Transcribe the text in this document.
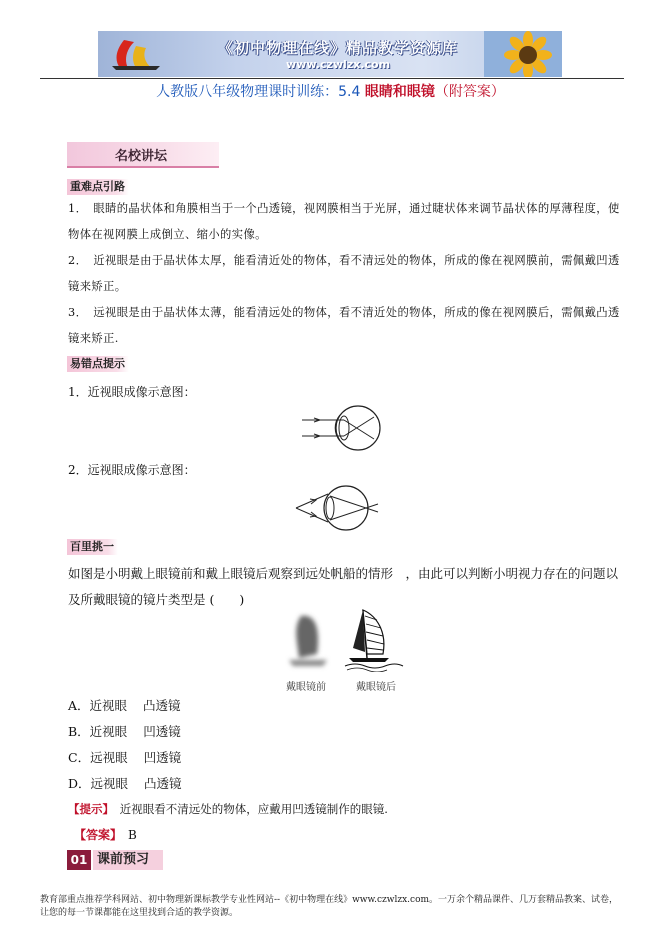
《初中物理在线》精品教学资源库
www.czwlzx.com
人教版八年级物理课时训练：5.4 眼睛和眼镜（附答案）
名校讲坛
重难点引路
1．　眼睛的晶状体和角膜相当于一个凸透镜，视网膜相当于光屏，通过睫状体来调节晶状体的厚薄程度，使物体在视网膜上成倒立、缩小的实像。
2．　近视眼是由于晶状体太厚，能看清近处的物体，看不清远处的物体，所成的像在视网膜前，需佩戴凹透镜来矫正。
3．　远视眼是由于晶状体太薄，能看清远处的物体，看不清近处的物体，所成的像在视网膜后，需佩戴凸透镜来矫正.
易错点提示
1．近视眼成像示意图：
2．远视眼成像示意图：
百里挑一
如图是小明戴上眼镜前和戴上眼镜后观察到远处帆船的情形　，由此可以判断小明视力存在的问题以及所戴眼镜的镜片类型是 (　　)
戴眼镜前	戴眼镜后
A．近视眼 凸透镜
B．近视眼 凹透镜
C．远视眼 凹透镜
D．远视眼 凸透镜
【提示】　近视眼看不清远处的物体，应戴用凹透镜制作的眼镜.
【答案】　B
01 课前预习
教育部重点推荐学科网站、初中物理新课标教学专业性网站--《初中物理在线》www.czwlzx.com。一万余个精品课件、几万套精品教案、试卷，让您的每一节课都能在这里找到合适的教学资源。
